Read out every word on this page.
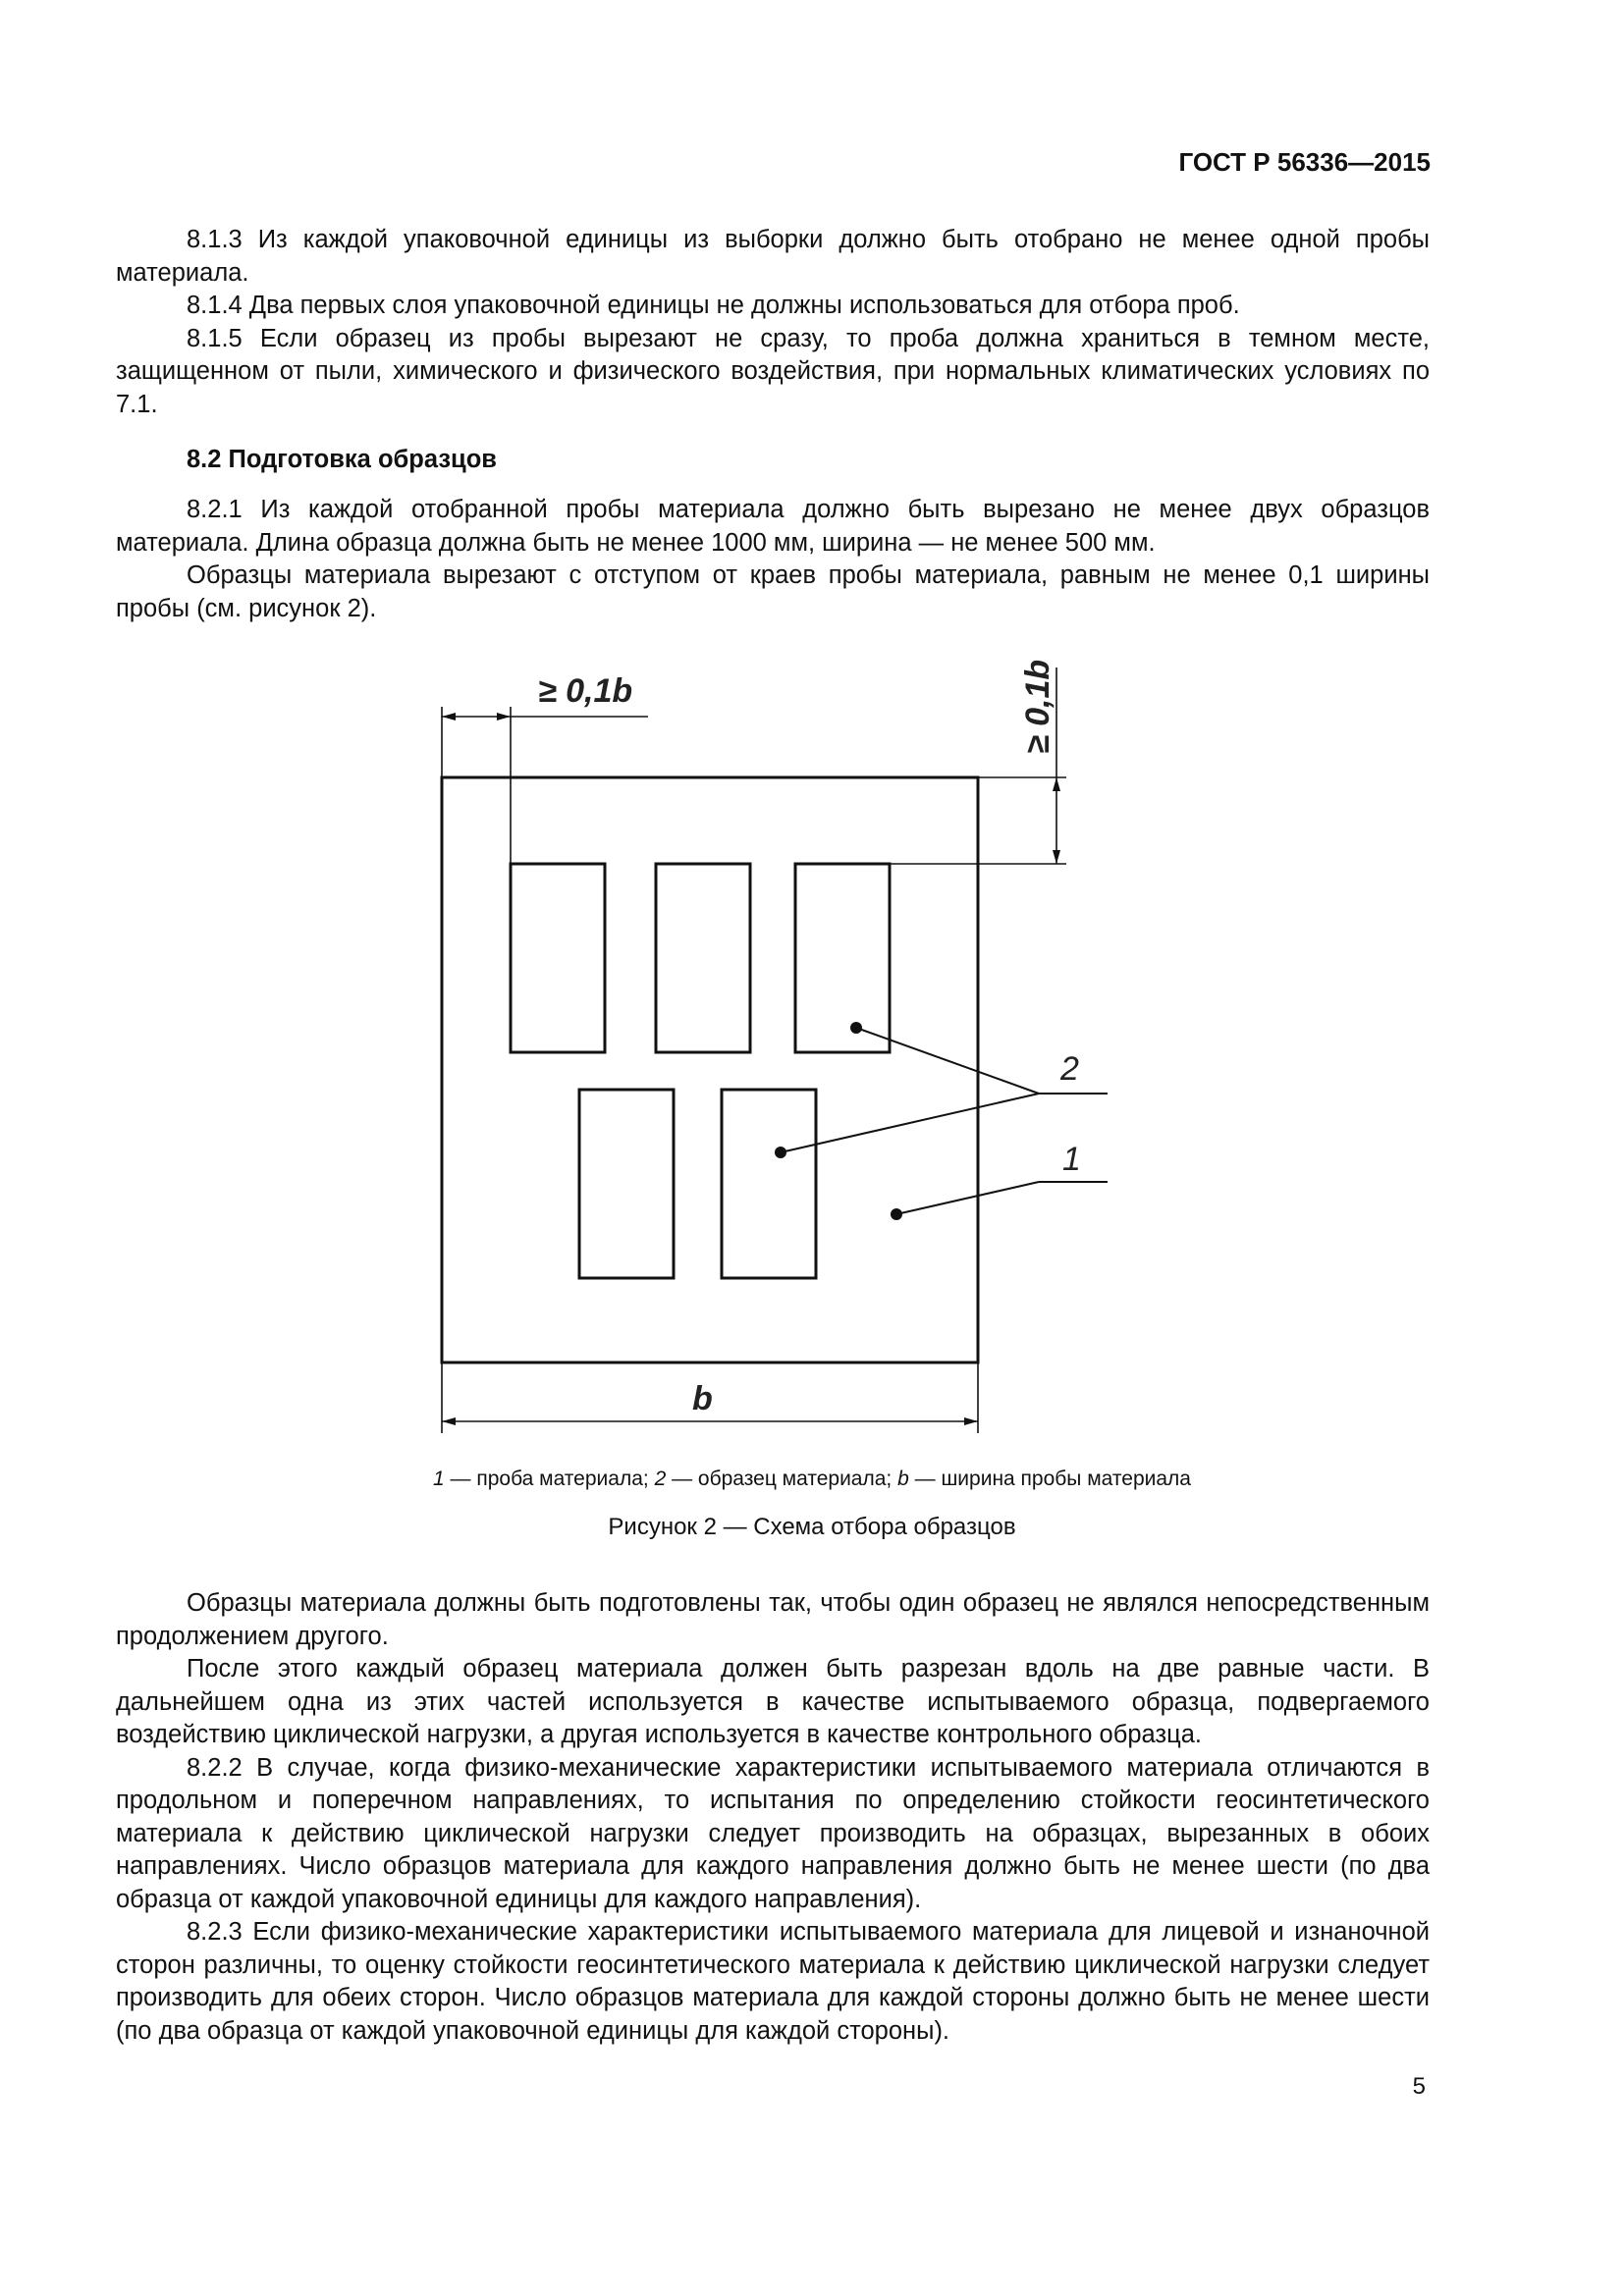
ГОСТ Р 56336—2015

8.1.3 Из каждой упаковочной единицы из выборки должно быть отобрано не менее одной пробы материала.

8.1.4 Два первых слоя упаковочной единицы не должны использоваться для отбора проб.

8.1.5 Если образец из пробы вырезают не сразу, то проба должна храниться в темном месте, защищенном от пыли, химического и физического воздействия, при нормальных климатических условиях по 7.1.

8.2 Подготовка образцов

8.2.1 Из каждой отобранной пробы материала должно быть вырезано не менее двух образцов материала. Длина образца должна быть не менее 1000 мм, ширина — не менее 500 мм.

Образцы материала вырезают с отступом от краев пробы материала, равным не менее 0,1 ширины пробы (см. рисунок 2).

≥ 0,1b	≥ 0,1b
b
2
1
1 — проба материала; 2 — образец материала; b — ширина пробы материала
Рисунок 2 — Схема отбора образцов

Образцы материала должны быть подготовлены так, чтобы один образец не являлся непосредственным продолжением другого.

После этого каждый образец материала должен быть разрезан вдоль на две равные части. В дальнейшем одна из этих частей используется в качестве испытываемого образца, подвергаемого воздействию циклической нагрузки, а другая используется в качестве контрольного образца.

8.2.2 В случае, когда физико-механические характеристики испытываемого материала отличаются в продольном и поперечном направлениях, то испытания по определению стойкости геосинтетического материала к действию циклической нагрузки следует производить на образцах, вырезанных в обоих направлениях. Число образцов материала для каждого направления должно быть не менее шести (по два образца от каждой упаковочной единицы для каждого направления).

8.2.3 Если физико-механические характеристики испытываемого материала для лицевой и изнаночной сторон различны, то оценку стойкости геосинтетического материала к действию циклической нагрузки следует производить для обеих сторон. Число образцов материала для каждой стороны должно быть не менее шести (по два образца от каждой упаковочной единицы для каждой стороны).

5
